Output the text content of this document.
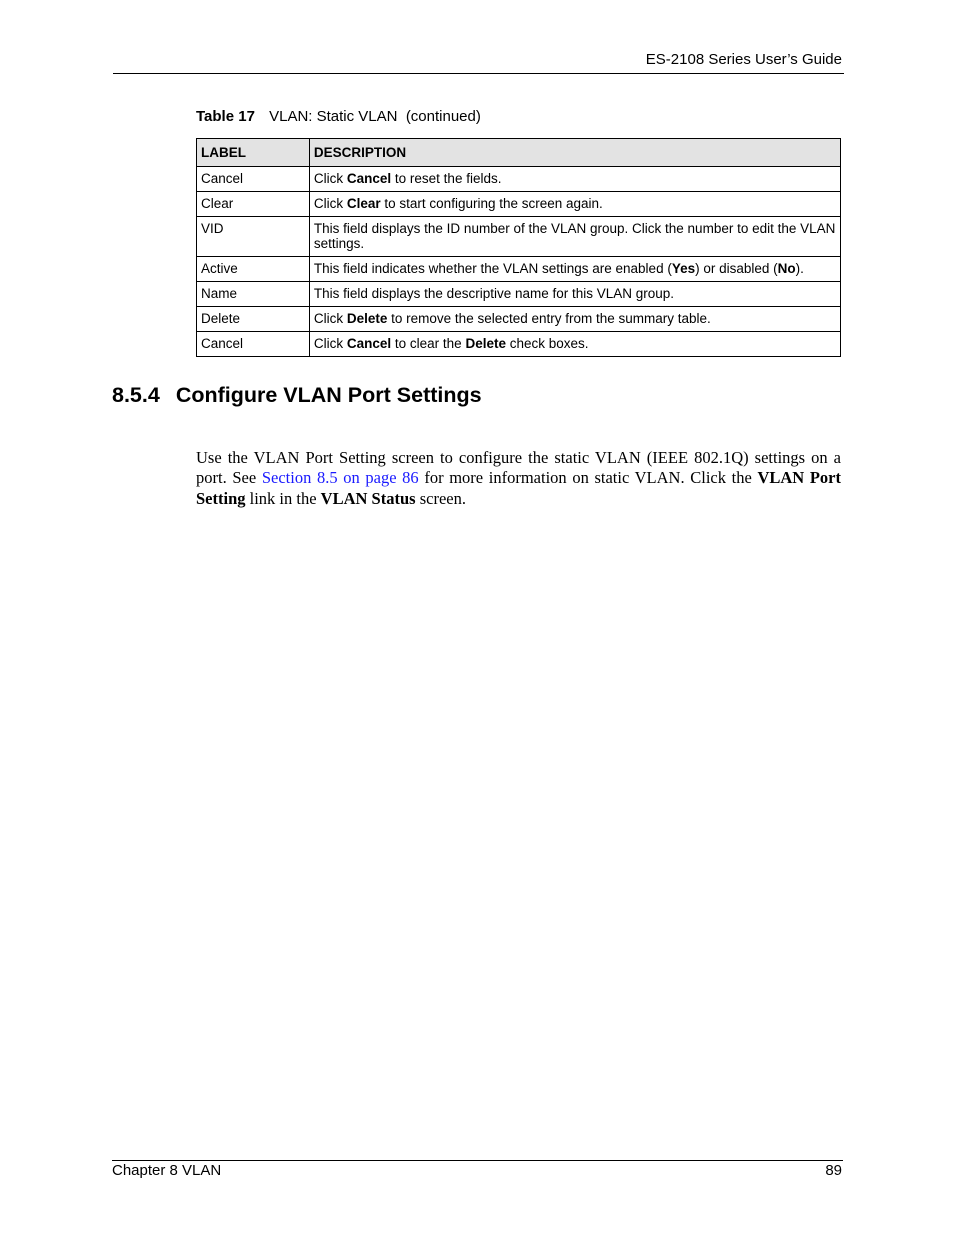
ES-2108 Series User’s Guide
Table 17 VLAN: Static VLAN  (continued)
LABEL	DESCRIPTION
Cancel	Click Cancel to reset the fields.
Clear	Click Clear to start configuring the screen again.
VID	This field displays the ID number of the VLAN group. Click the number to edit the VLAN settings.
Active	This field indicates whether the VLAN settings are enabled (Yes) or disabled (No).
Name	This field displays the descriptive name for this VLAN group.
Delete	Click Delete to remove the selected entry from the summary table.
Cancel	Click Cancel to clear the Delete check boxes.
8.5.4 Configure VLAN Port Settings

Use the VLAN Port Setting screen to configure the static VLAN (IEEE 802.1Q) settings on a port. See Section 8.5 on page 86 for more information on static VLAN. Click the VLAN Port Setting link in the VLAN Status screen.

Chapter 8 VLAN	89
